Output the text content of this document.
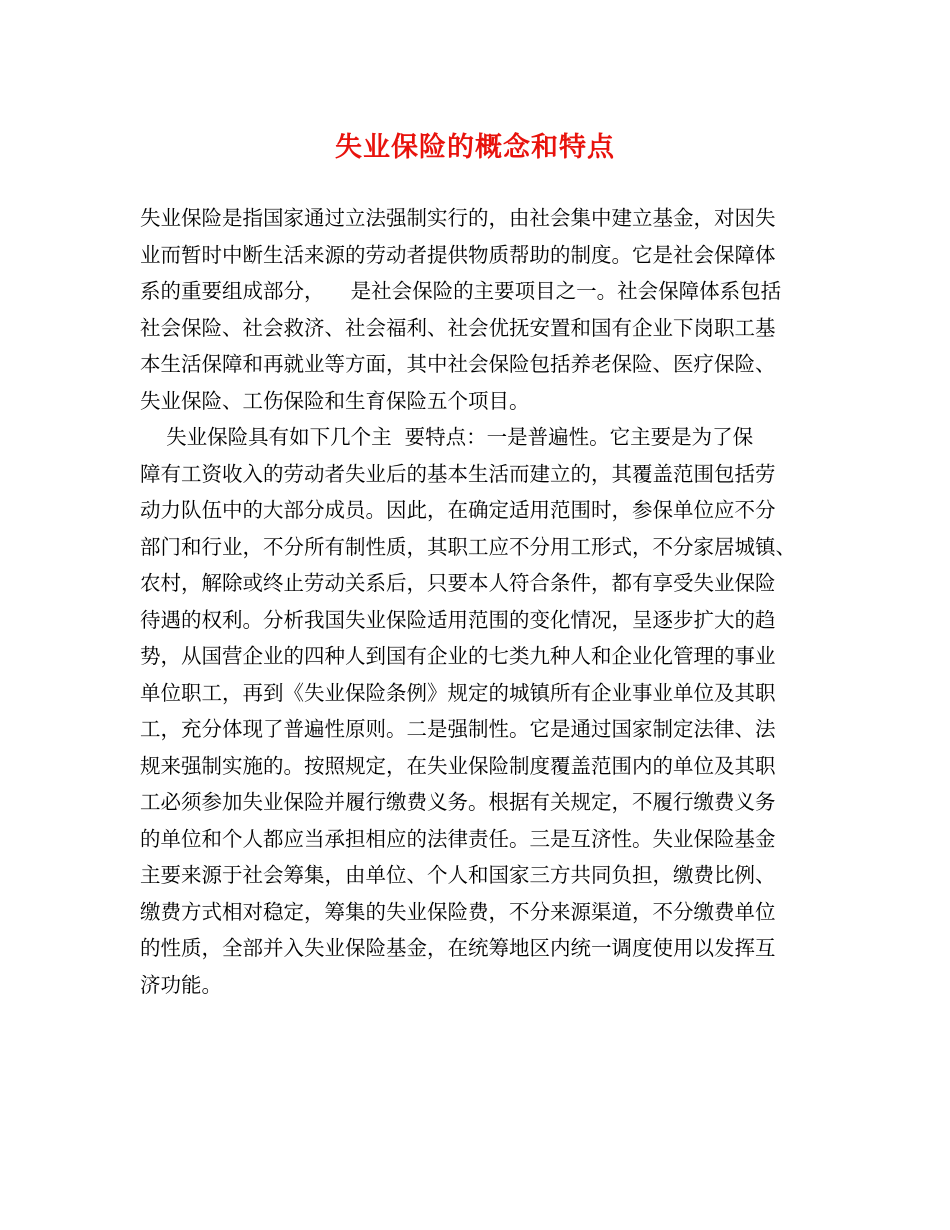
失业保险的概念和特点
失业保险是指国家通过立法强制实行的，由社会集中建立基金，对因失
业而暂时中断生活来源的劳动者提供物质帮助的制度。它是社会保障体
系的重要组成部分，    是社会保险的主要项目之一。社会保障体系包括
社会保险、社会救济、社会福利、社会优抚安置和国有企业下岗职工基
本生活保障和再就业等方面，其中社会保险包括养老保险、医疗保险、
失业保险、工伤保险和生育保险五个项目。
失业保险具有如下几个主  要特点：一是普遍性。它主要是为了保
障有工资收入的劳动者失业后的基本生活而建立的，其覆盖范围包括劳
动力队伍中的大部分成员。因此，在确定适用范围时，参保单位应不分
部门和行业，不分所有制性质，其职工应不分用工形式，不分家居城镇、
农村，解除或终止劳动关系后，只要本人符合条件，都有享受失业保险
待遇的权利。分析我国失业保险适用范围的变化情况，呈逐步扩大的趋
势，从国营企业的四种人到国有企业的七类九种人和企业化管理的事业
单位职工，再到《失业保险条例》规定的城镇所有企业事业单位及其职
工，充分体现了普遍性原则。二是强制性。它是通过国家制定法律、法
规来强制实施的。按照规定，在失业保险制度覆盖范围内的单位及其职
工必须参加失业保险并履行缴费义务。根据有关规定，不履行缴费义务
的单位和个人都应当承担相应的法律责任。三是互济性。失业保险基金
主要来源于社会筹集，由单位、个人和国家三方共同负担，缴费比例、
缴费方式相对稳定，筹集的失业保险费，不分来源渠道，不分缴费单位
的性质，全部并入失业保险基金，在统筹地区内统一调度使用以发挥互
济功能。
